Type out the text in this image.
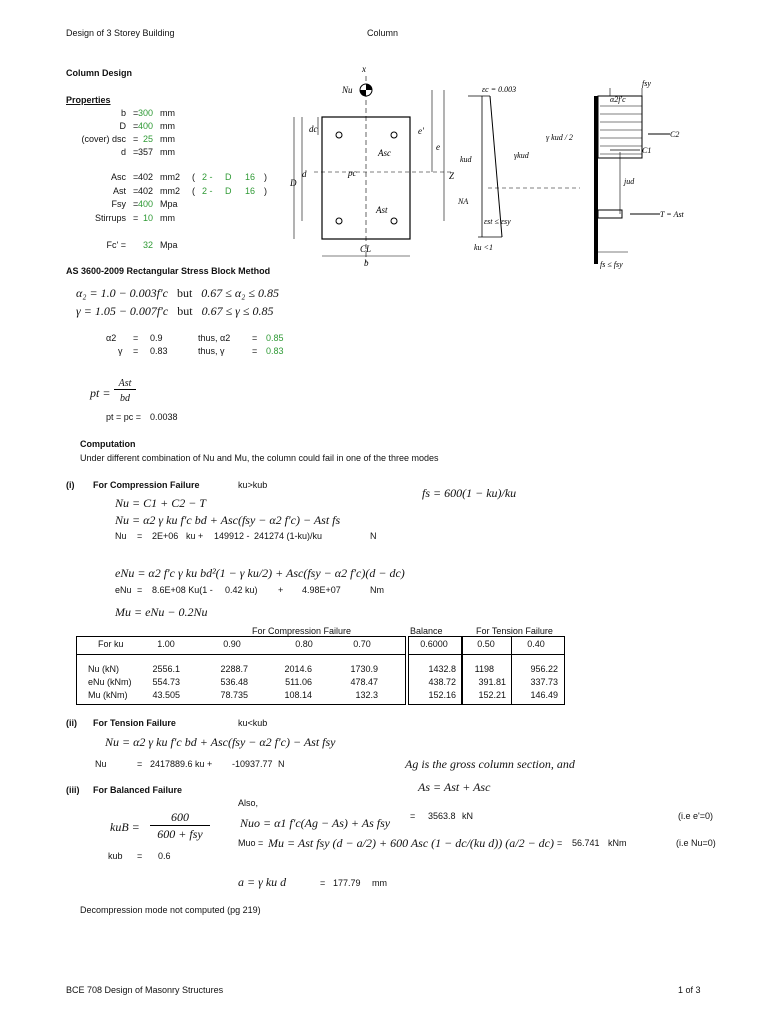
Design of 3 Storey Building	Column
BCE 708 Design of Masonry Structures	1 of 3
Column Design
Properties
b = 300 mm
D = 400 mm
(cover) dsc = 25 mm
d = 357 mm
Asc = 402 mm2 ( 2 - D 16 )
Ast = 402 mm2 ( 2 - D 16 )
Fsy = 400 Mpa
Stirrups = 10 mm
Fc' =	32 Mpa
x
Nu
Z
pc
Asc
Ast
dc
d
D
e'
e
CL
b
εc = 0.003
kud
NA
εst ≤ εsy
ku <1
γkud
γ kud / 2
α2f'c
fsy
C2
C1
jud
T = Ast
fs ≤ fsy
AS 3600-2009 Rectangular Stress Block Method
α₂ = 1.0 − 0.003f′c but 0.67 ≤ α₂ ≤ 0.85
γ = 1.05 − 0.007f′c but 0.67 ≤ γ ≤ 0.85
α2 = 0.9	thus, α2 = 0.85
γ = 0.83	thus, γ	= 0.83
pt =
Ast
bd
pt = pc = 0.0038
Computation
Under different combination of Nu and Mu, the column could fail in one of the three modes
(i) For Compression Failure	ku>kub
fs = 600(1 − ku)/ku
Nu = C1 + C2 − T
Nu = α2 γ ku f′c bd + Asc(fsy − α2 f′c) − Ast fs
Nu = 2E+06 ku + 149912 - 241274 (1-ku)/ku	N
eNu = α2 f′c γ ku bd²(1 − γ ku/2) + Asc(fsy − α2 f′c)(d − dc)
eNu = 8.6E+08 Ku(1 - 0.42 ku) + 4.98E+07	Nm
Mu = eNu − 0.2Nu
For Compression Failure	Balance	For Tension Failure
For ku	1.00	0.90	0.80	0.70	0.6000	0.50	0.40
Nu (kN)	2556.1	2288.7	2014.6	1730.9	1432.8	1198	956.22
eNu (kNm)	554.73	536.48	511.06	478.47	438.72	391.81	337.73
Mu (kNm)	43.505	78.735	108.14	132.3	152.16	152.21	146.49
(ii) For Tension Failure	ku<kub
Nu = α2 γ ku f′c bd + Asc(fsy − α2 f′c) − Ast fsy
Nu	= 2417889.6 ku + -10937.77 N	Ag is the gross column section, and
As = Ast + Asc
(iii) For Balanced Failure
Also,
kuB =
600
600 + fsy
kub = 0.6
Nuo = α1 f′c(Ag − As) + As fsy = 3563.8 kN	(i.e e'=0)
Muo = Mu = Ast fsy (d − a/2) + 600 Asc (1 − dc/(ku d)) (a/2 − dc) = 56.741 kNm	(i.e Nu=0)
a = γ ku d	= 177.79 mm
Decompression mode not computed (pg 219)
